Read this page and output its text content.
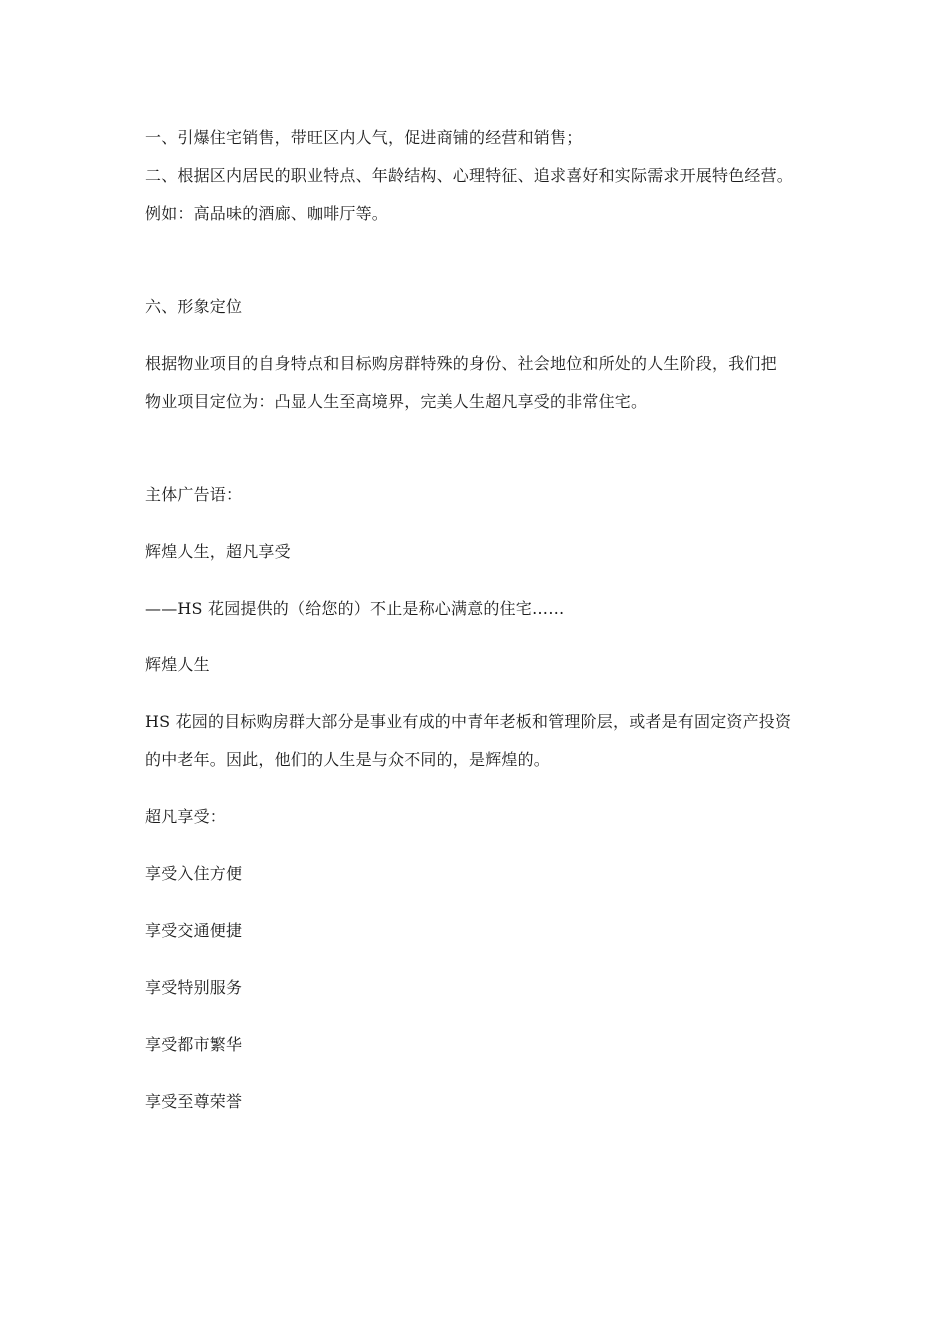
一、引爆住宅销售，带旺区内人气，促进商铺的经营和销售；
二、根据区内居民的职业特点、年龄结构、心理特征、追求喜好和实际需求开展特色经营。
例如：高品味的酒廊、咖啡厅等。
六、形象定位
根据物业项目的自身特点和目标购房群特殊的身份、社会地位和所处的人生阶段，我们把
物业项目定位为：凸显人生至高境界，完美人生超凡享受的非常住宅。
主体广告语：
辉煌人生，超凡享受
——HS 花园提供的（给您的）不止是称心满意的住宅……
辉煌人生
HS 花园的目标购房群大部分是事业有成的中青年老板和管理阶层，或者是有固定资产投资
的中老年。因此，他们的人生是与众不同的，是辉煌的。
超凡享受：
享受入住方便
享受交通便捷
享受特别服务
享受都市繁华
享受至尊荣誉
